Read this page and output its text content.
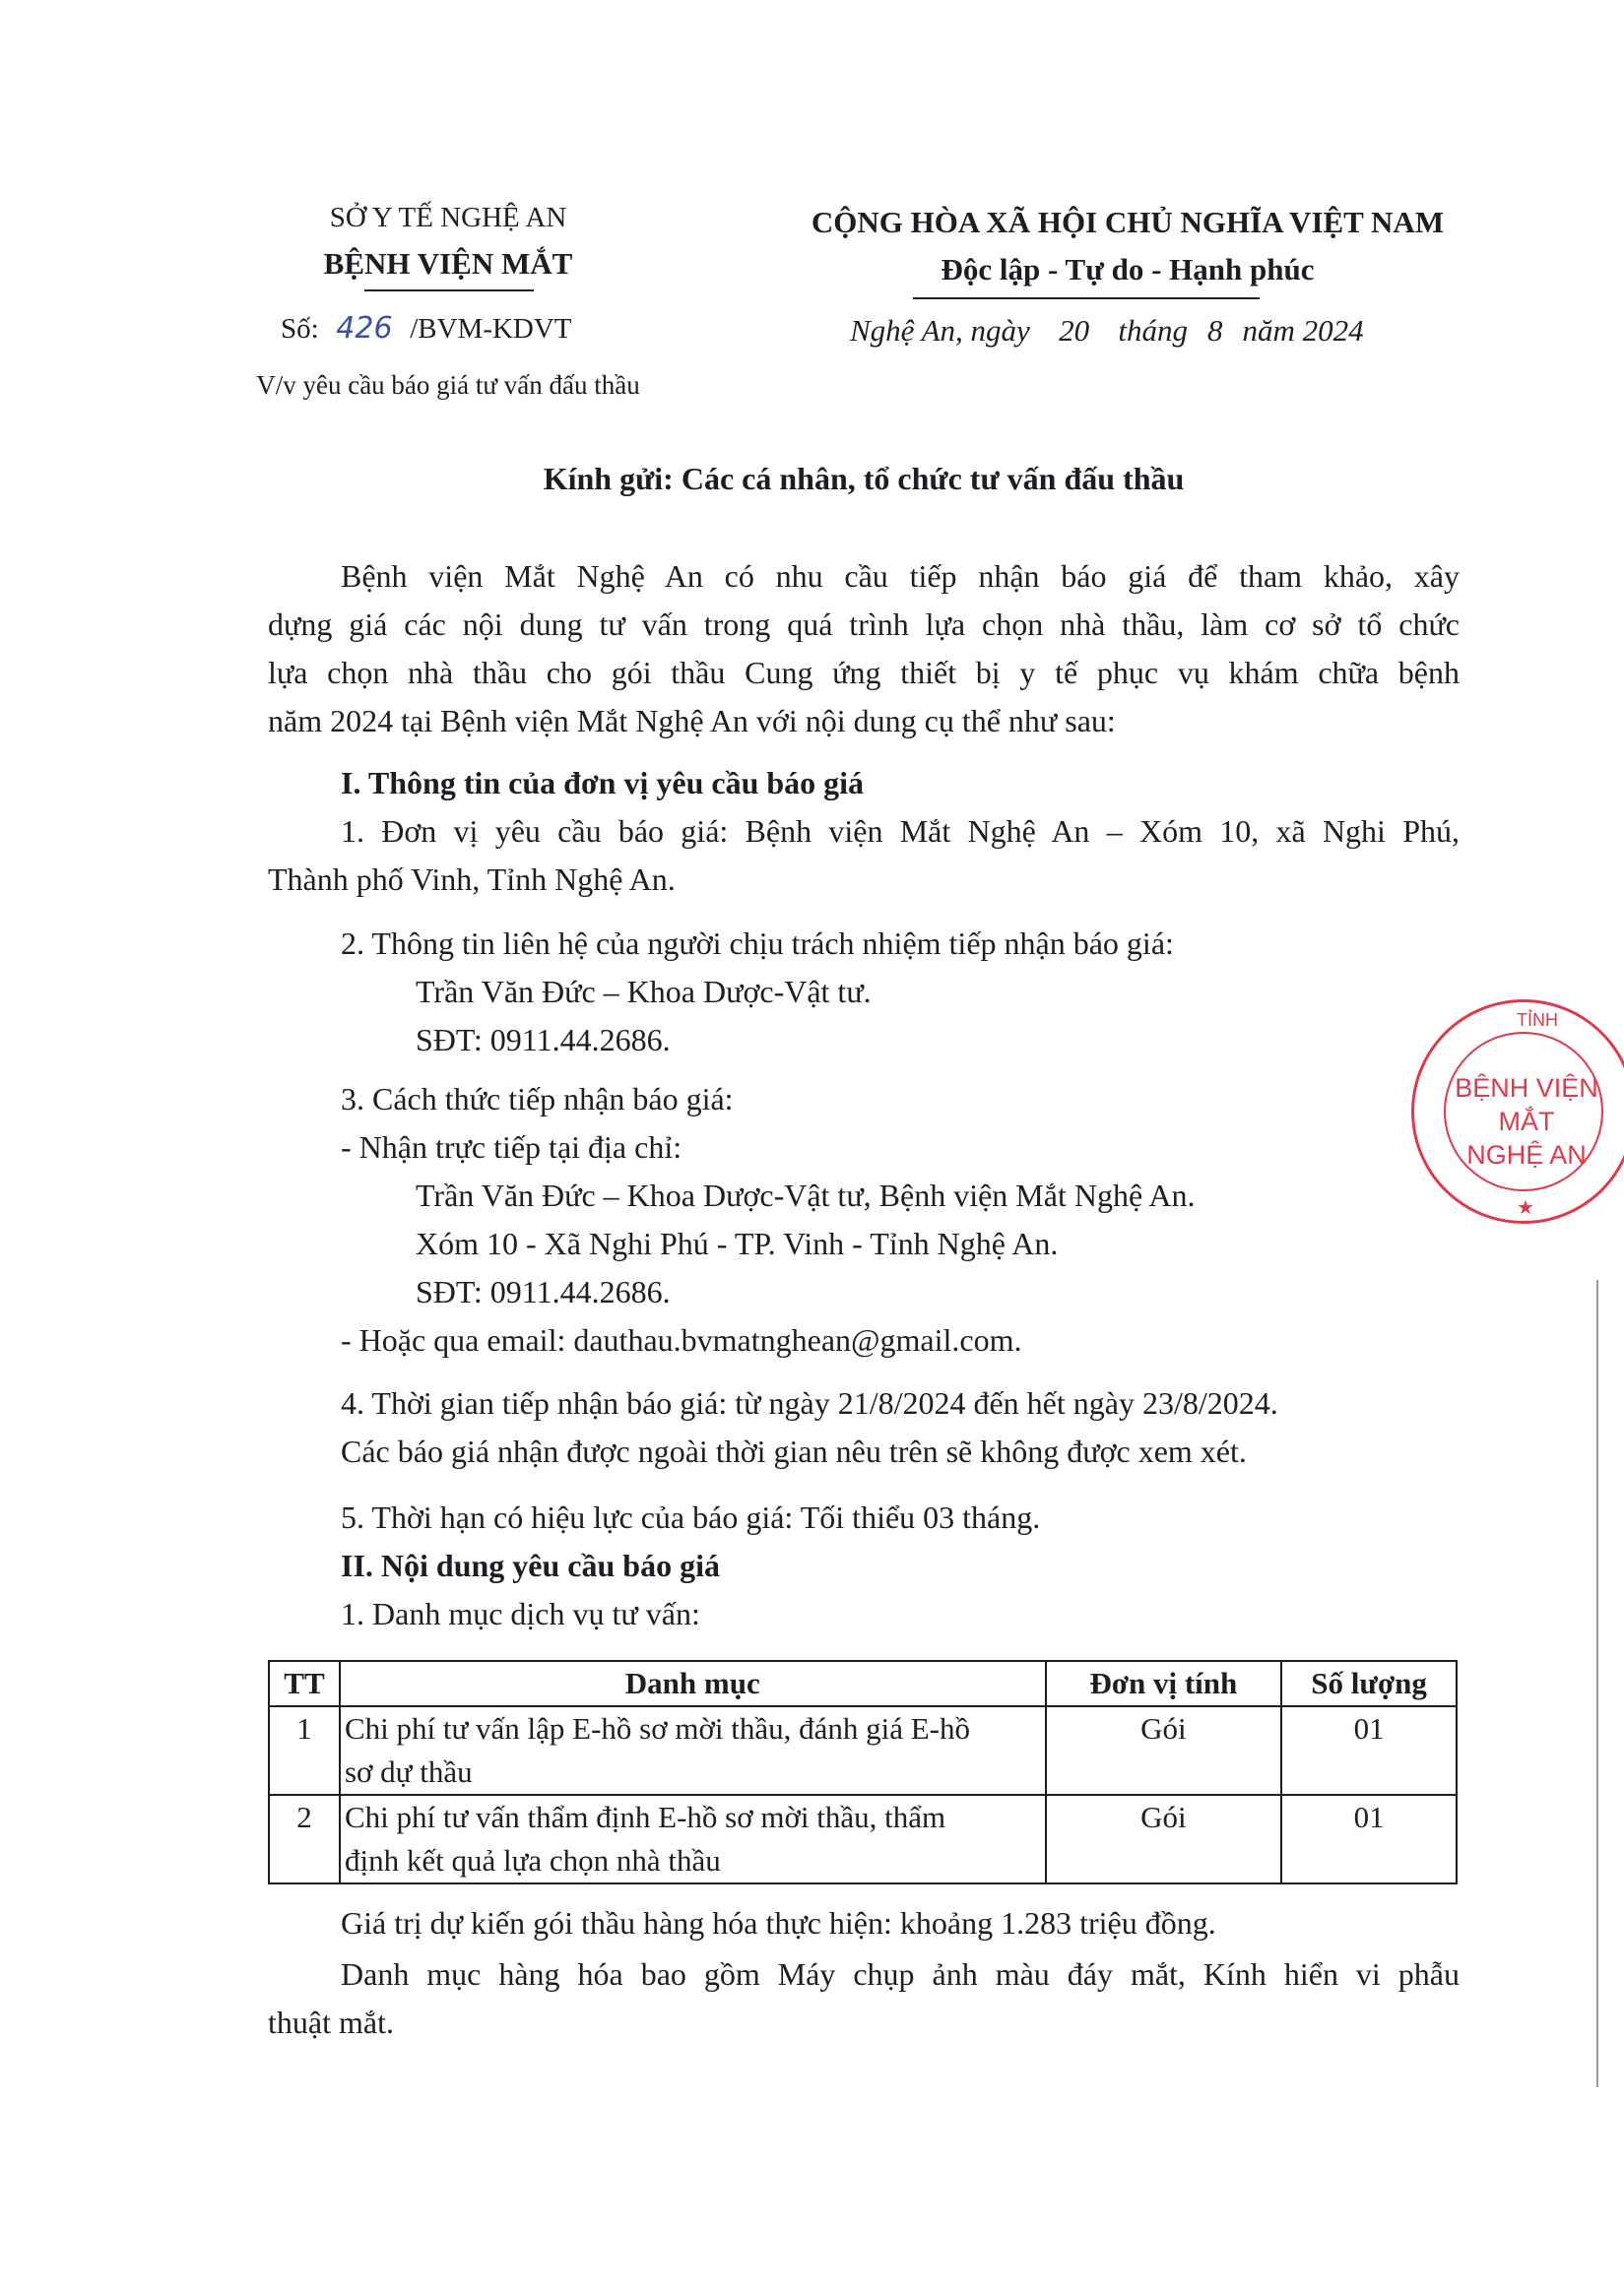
SỞ Y TẾ NGHỆ AN
BỆNH VIỆN MẮT
Số: 426 /BVM-KDVT
V/v yêu cầu báo giá tư vấn đấu thầu
CỘNG HÒA XÃ HỘI CHỦ NGHĨA VIỆT NAM
Độc lập - Tự do - Hạnh phúc
Nghệ An, ngày 20 tháng 8 năm 2024
Kính gửi: Các cá nhân, tổ chức tư vấn đấu thầu

Bệnh viện Mắt Nghệ An có nhu cầu tiếp nhận báo giá để tham khảo, xây

dựng giá các nội dung tư vấn trong quá trình lựa chọn nhà thầu, làm cơ sở tổ chức

lựa chọn nhà thầu cho gói thầu Cung ứng thiết bị y tế phục vụ khám chữa bệnh

năm 2024 tại Bệnh viện Mắt Nghệ An với nội dung cụ thể như sau:

I. Thông tin của đơn vị yêu cầu báo giá

1. Đơn vị yêu cầu báo giá: Bệnh viện Mắt Nghệ An – Xóm 10, xã Nghi Phú,

Thành phố Vinh, Tỉnh Nghệ An.

2. Thông tin liên hệ của người chịu trách nhiệm tiếp nhận báo giá:
Trần Văn Đức – Khoa Dược-Vật tư.
SĐT: 0911.44.2686.
3. Cách thức tiếp nhận báo giá:
- Nhận trực tiếp tại địa chỉ:
Trần Văn Đức – Khoa Dược-Vật tư, Bệnh viện Mắt Nghệ An.
Xóm 10 - Xã Nghi Phú - TP. Vinh - Tỉnh Nghệ An.
SĐT: 0911.44.2686.
- Hoặc qua email: dauthau.bvmatnghean@gmail.com.
4. Thời gian tiếp nhận báo giá: từ ngày 21/8/2024 đến hết ngày 23/8/2024.
Các báo giá nhận được ngoài thời gian nêu trên sẽ không được xem xét.
5. Thời hạn có hiệu lực của báo giá: Tối thiểu 03 tháng.
II. Nội dung yêu cầu báo giá
1. Danh mục dịch vụ tư vấn:
TT	Danh mục	Đơn vị tính	Số lượng
1	Chi phí tư vấn lập E-hồ sơ mời thầu, đánh giá E-hồ
sơ dự thầu	Gói	01
2	Chi phí tư vấn thẩm định E-hồ sơ mời thầu, thẩm
định kết quả lựa chọn nhà thầu	Gói	01
Giá trị dự kiến gói thầu hàng hóa thực hiện: khoảng 1.283 triệu đồng.

Danh mục hàng hóa bao gồm Máy chụp ảnh màu đáy mắt, Kính hiển vi phẫu

thuật mắt.

TỈNH
BỆNH VIỆN
MẮT
NGHỆ AN
★
